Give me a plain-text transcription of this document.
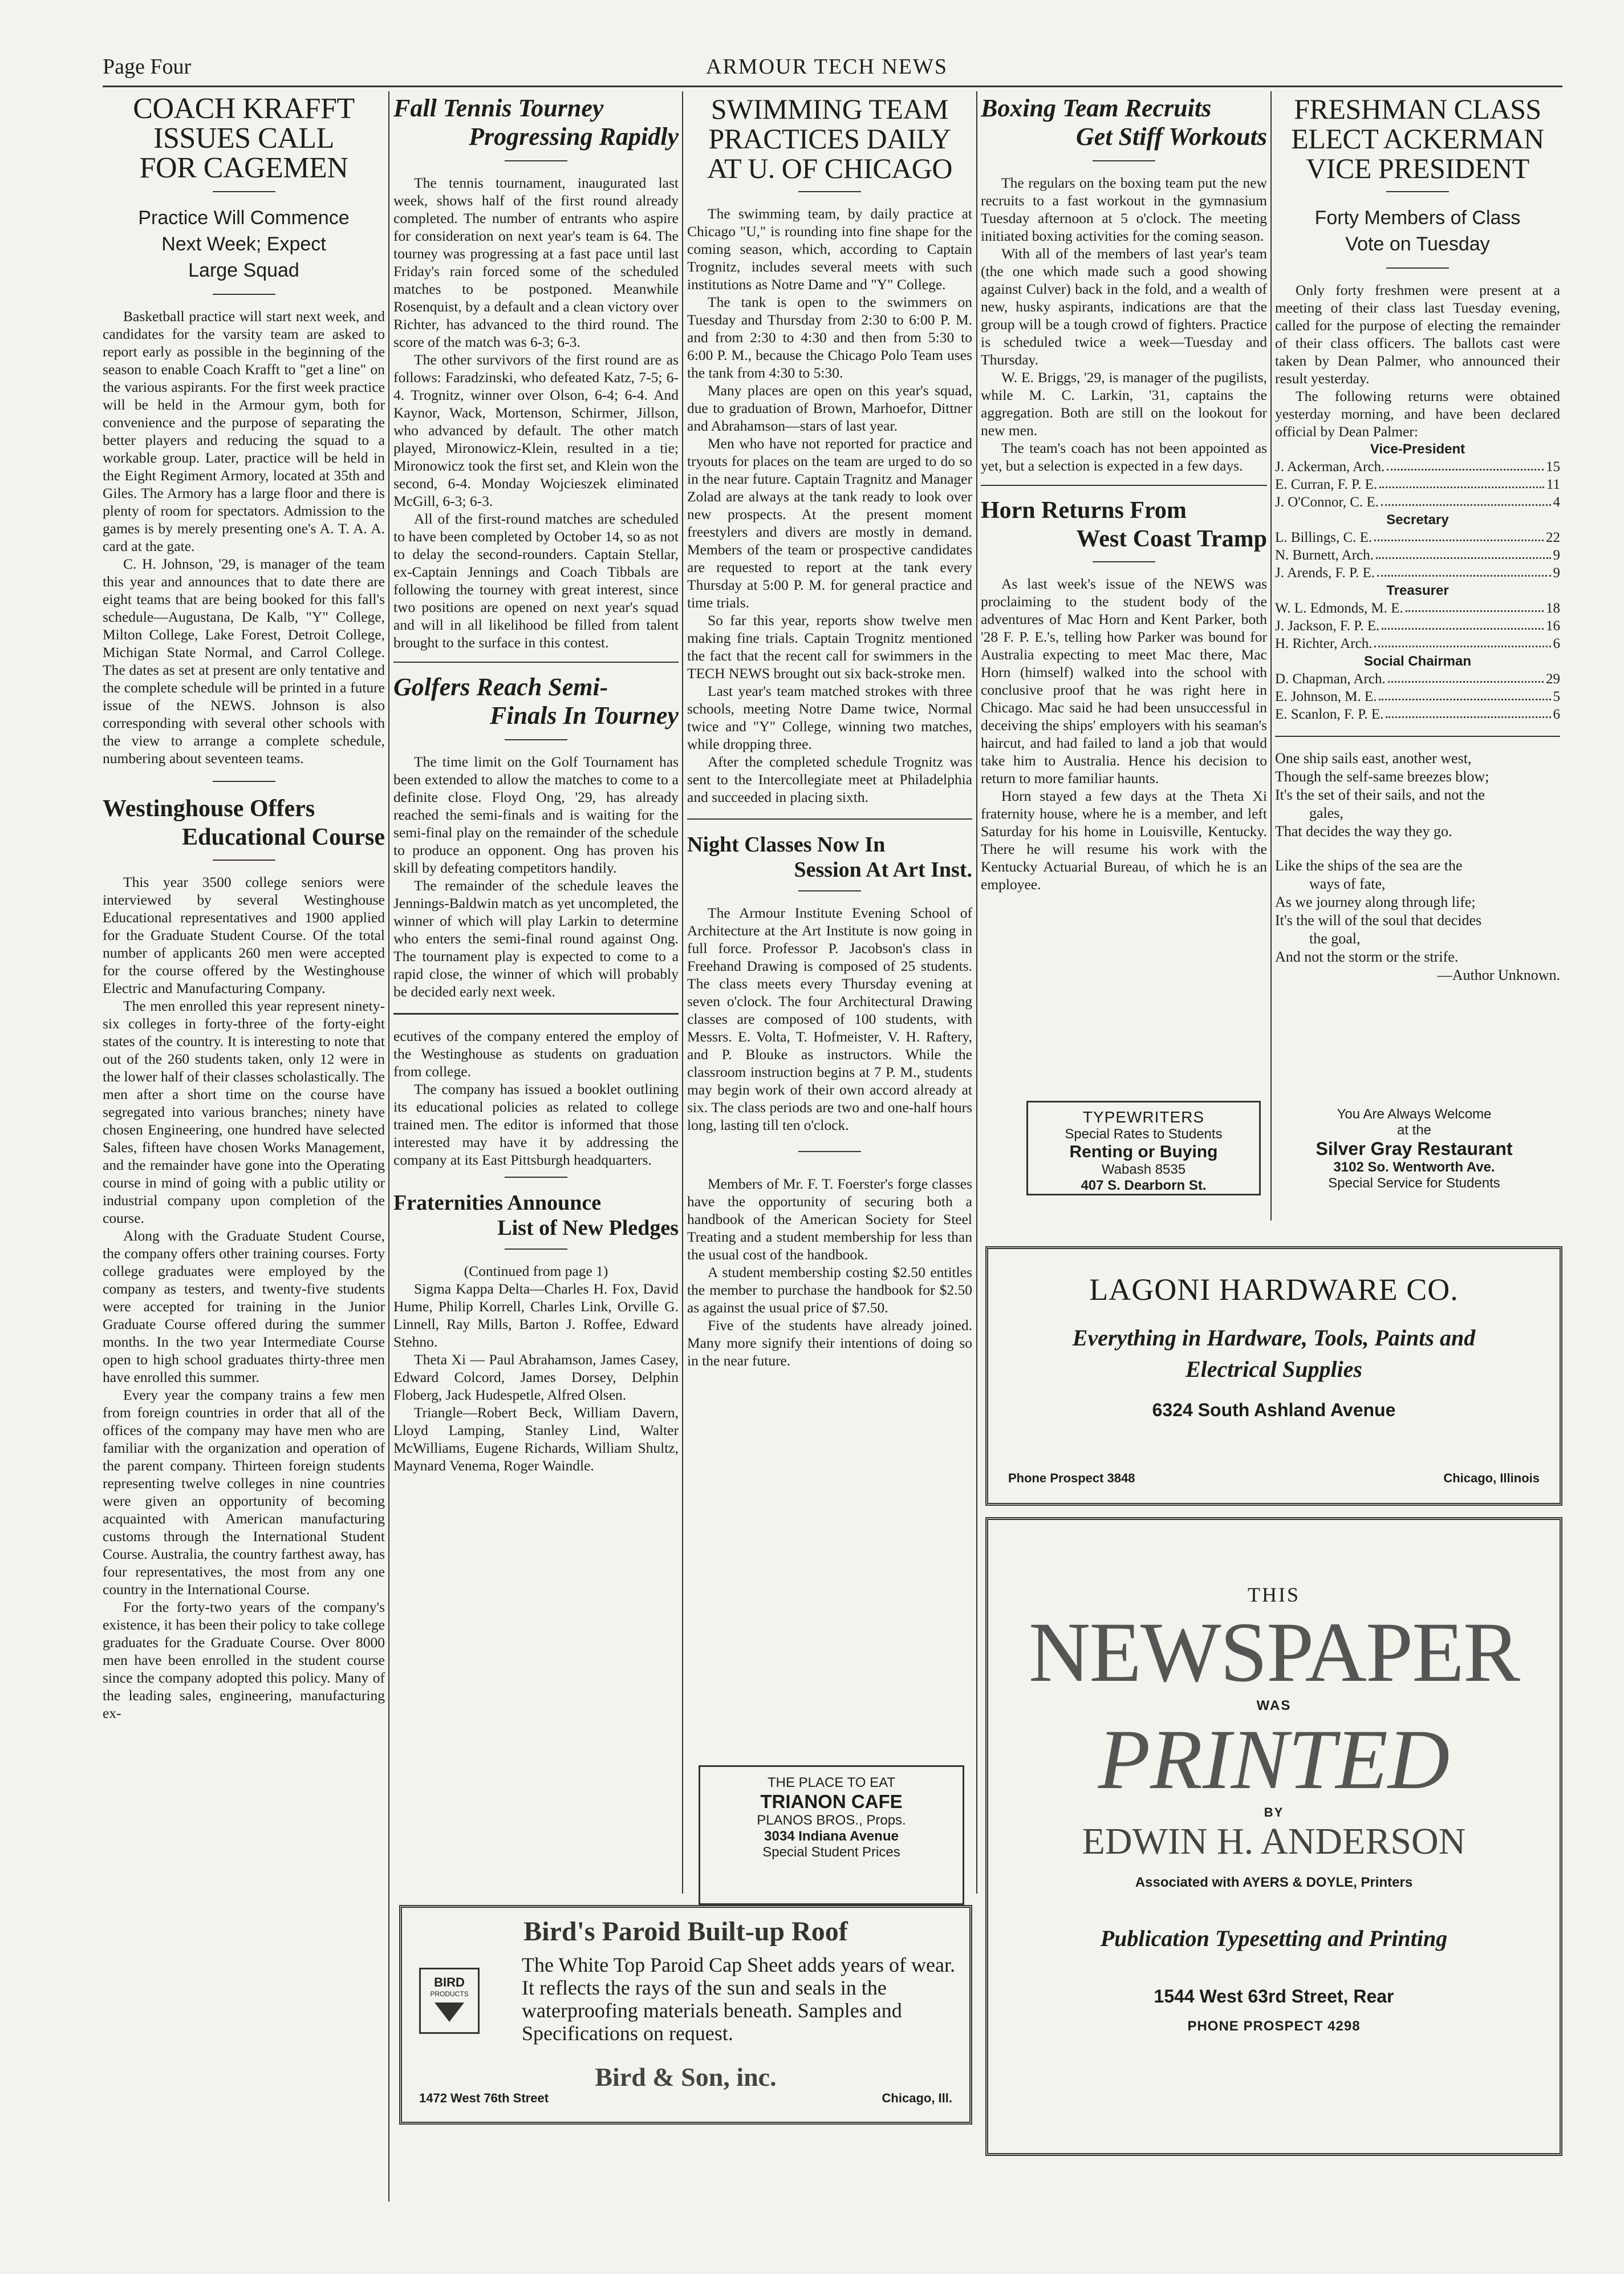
Page Four	ARMOUR TECH NEWS
COACH KRAFFT
ISSUES CALL
FOR CAGEMEN
Practice Will Commence
Next Week; Expect
Large Squad

Basketball practice will start next week, and candidates for the varsity team are asked to report early as possible in the beginning of the season to enable Coach Krafft to "get a line" on the various aspirants. For the first week practice will be held in the Armour gym, both for convenience and the purpose of separating the better players and reducing the squad to a workable group. Later, practice will be held in the Eight Regiment Armory, located at 35th and Giles. The Armory has a large floor and there is plenty of room for spectators. Admission to the games is by merely presenting one's A. T. A. A. card at the gate.

C. H. Johnson, '29, is manager of the team this year and announces that to date there are eight teams that are being booked for this fall's schedule—Augustana, De Kalb, "Y" College, Milton College, Lake Forest, Detroit College, Michigan State Normal, and Carrol College. The dates as set at present are only tentative and the complete schedule will be printed in a future issue of the NEWS. Johnson is also corresponding with several other schools with the view to arrange a complete schedule, numbering about seventeen teams.

Westinghouse Offers
Educational Course

This year 3500 college seniors were interviewed by several Westinghouse Educational representatives and 1900 applied for the Graduate Student Course. Of the total number of applicants 260 men were accepted for the course offered by the Westinghouse Electric and Manufacturing Company.

The men enrolled this year represent ninety-six colleges in forty-three of the forty-eight states of the country. It is interesting to note that out of the 260 students taken, only 12 were in the lower half of their classes scholastically. The men after a short time on the course have segregated into various branches; ninety have chosen Engineering, one hundred have selected Sales, fifteen have chosen Works Management, and the remainder have gone into the Operating course in mind of going with a public utility or industrial company upon completion of the course.

Along with the Graduate Student Course, the company offers other training courses. Forty college graduates were employed by the company as testers, and twenty-five students were accepted for training in the Junior Graduate Course offered during the summer months. In the two year Intermediate Course open to high school graduates thirty-three men have enrolled this summer.

Every year the company trains a few men from foreign countries in order that all of the offices of the company may have men who are familiar with the organization and operation of the parent company. Thirteen foreign students representing twelve colleges in nine countries were given an opportunity of becoming acquainted with American manufacturing customs through the International Student Course. Australia, the country farthest away, has four representatives, the most from any one country in the International Course.

For the forty-two years of the company's existence, it has been their policy to take college graduates for the Graduate Course. Over 8000 men have been enrolled in the student course since the company adopted this policy. Many of the leading sales, engineering, manufacturing ex-

Fall Tennis Tourney
Progressing Rapidly

The tennis tournament, inaugurated last week, shows half of the first round already completed. The number of entrants who aspire for consideration on next year's team is 64. The tourney was progressing at a fast pace until last Friday's rain forced some of the scheduled matches to be postponed. Meanwhile Rosenquist, by a default and a clean victory over Richter, has advanced to the third round. The score of the match was 6-3; 6-3.

The other survivors of the first round are as follows: Faradzinski, who defeated Katz, 7-5; 6-4. Trognitz, winner over Olson, 6-4; 6-4. And Kaynor, Wack, Mortenson, Schirmer, Jillson, who advanced by default. The other match played, Mironowicz-Klein, resulted in a tie; Mironowicz took the first set, and Klein won the second, 6-4. Monday Wojcieszek eliminated McGill, 6-3; 6-3.

All of the first-round matches are scheduled to have been completed by October 14, so as not to delay the second-rounders. Captain Stellar, ex-Captain Jennings and Coach Tibbals are following the tourney with great interest, since two positions are opened on next year's squad and will in all likelihood be filled from talent brought to the surface in this contest.

Golfers Reach Semi-
Finals In Tourney

The time limit on the Golf Tournament has been extended to allow the matches to come to a definite close. Floyd Ong, '29, has already reached the semi-finals and is waiting for the semi-final play on the remainder of the schedule to produce an opponent. Ong has proven his skill by defeating competitors handily.

The remainder of the schedule leaves the Jennings-Baldwin match as yet uncompleted, the winner of which will play Larkin to determine who enters the semi-final round against Ong. The tournament play is expected to come to a rapid close, the winner of which will probably be decided early next week.

ecutives of the company entered the employ of the Westinghouse as students on graduation from college.

The company has issued a booklet outlining its educational policies as related to college trained men. The editor is informed that those interested may have it by addressing the company at its East Pittsburgh headquarters.

Fraternities Announce
List of New Pledges
(Continued from page 1)

Sigma Kappa Delta—Charles H. Fox, David Hume, Philip Korrell, Charles Link, Orville G. Linnell, Ray Mills, Barton J. Roffee, Edward Stehno.

Theta Xi — Paul Abrahamson, James Casey, Edward Colcord, James Dorsey, Delphin Floberg, Jack Hudespetle, Alfred Olsen.

Triangle—Robert Beck, William Davern, Lloyd Lamping, Stanley Lind, Walter McWilliams, Eugene Richards, William Shultz, Maynard Venema, Roger Waindle.

SWIMMING TEAM
PRACTICES DAILY
AT U. OF CHICAGO

The swimming team, by daily practice at Chicago "U," is rounding into fine shape for the coming season, which, according to Captain Trognitz, includes several meets with such institutions as Notre Dame and "Y" College.

The tank is open to the swimmers on Tuesday and Thursday from 2:30 to 6:00 P. M. and from 2:30 to 4:30 and then from 5:30 to 6:00 P. M., because the Chicago Polo Team uses the tank from 4:30 to 5:30.

Many places are open on this year's squad, due to graduation of Brown, Marhoefor, Dittner and Abrahamson—stars of last year.

Men who have not reported for practice and tryouts for places on the team are urged to do so in the near future. Captain Tragnitz and Manager Zolad are always at the tank ready to look over new prospects. At the present moment freestylers and divers are mostly in demand. Members of the team or prospective candidates are requested to report at the tank every Thursday at 5:00 P. M. for general practice and time trials.

So far this year, reports show twelve men making fine trials. Captain Trognitz mentioned the fact that the recent call for swimmers in the TECH NEWS brought out six back-stroke men.

Last year's team matched strokes with three schools, meeting Notre Dame twice, Normal twice and "Y" College, winning two matches, while dropping three.

After the completed schedule Trognitz was sent to the Intercollegiate meet at Philadelphia and succeeded in placing sixth.

Night Classes Now In
Session At Art Inst.

The Armour Institute Evening School of Architecture at the Art Institute is now going in full force. Professor P. Jacobson's class in Freehand Drawing is composed of 25 students. The class meets every Thursday evening at seven o'clock. The four Architectural Drawing classes are composed of 100 students, with Messrs. E. Volta, T. Hofmeister, V. H. Raftery, and P. Blouke as instructors. While the classroom instruction begins at 7 P. M., students may begin work of their own accord already at six. The class periods are two and one-half hours long, lasting till ten o'clock.

Members of Mr. F. T. Foerster's forge classes have the opportunity of securing both a handbook of the American Society for Steel Treating and a student membership for less than the usual cost of the handbook.

A student membership costing $2.50 entitles the member to purchase the handbook for $2.50 as against the usual price of $7.50.

Five of the students have already joined. Many more signify their intentions of doing so in the near future.

Boxing Team Recruits
Get Stiff Workouts

The regulars on the boxing team put the new recruits to a fast workout in the gymnasium Tuesday afternoon at 5 o'clock. The meeting initiated boxing activities for the coming season.

With all of the members of last year's team (the one which made such a good showing against Culver) back in the fold, and a wealth of new, husky aspirants, indications are that the group will be a tough crowd of fighters. Practice is scheduled twice a week—Tuesday and Thursday.

W. E. Briggs, '29, is manager of the pugilists, while M. C. Larkin, '31, captains the aggregation. Both are still on the lookout for new men.

The team's coach has not been appointed as yet, but a selection is expected in a few days.

Horn Returns From
West Coast Tramp

As last week's issue of the NEWS was proclaiming to the student body of the adventures of Mac Horn and Kent Parker, both '28 F. P. E.'s, telling how Parker was bound for Australia expecting to meet Mac there, Mac Horn (himself) walked into the school with conclusive proof that he was right here in Chicago. Mac said he had been unsuccessful in deceiving the ships' employers with his seaman's haircut, and had failed to land a job that would take him to Australia. Hence his decision to return to more familiar haunts.

Horn stayed a few days at the Theta Xi fraternity house, where he is a member, and left Saturday for his home in Louisville, Kentucky. There he will resume his work with the Kentucky Actuarial Bureau, of which he is an employee.

FRESHMAN CLASS
ELECT ACKERMAN
VICE PRESIDENT
Forty Members of Class
Vote on Tuesday

Only forty freshmen were present at a meeting of their class last Tuesday evening, called for the purpose of electing the remainder of their class officers. The ballots cast were taken by Dean Palmer, who announced their result yesterday.

The following returns were obtained yesterday morning, and have been declared official by Dean Palmer:

Vice-President
J. Ackerman, Arch.	15
E. Curran, F. P. E.	11
J. O'Connor, C. E.	4
Secretary
L. Billings, C. E.	22
N. Burnett, Arch.	9
J. Arends, F. P. E.	9
Treasurer
W. L. Edmonds, M. E.	18
J. Jackson, F. P. E.	16
H. Richter, Arch.	6
Social Chairman
D. Chapman, Arch.	29
E. Johnson, M. E.	5
E. Scanlon, F. P. E.	6
One ship sails east, another west,
Though the self-same breezes blow;
It's the set of their sails, and not the
gales,
That decides the way they go.
Like the ships of the sea are the
ways of fate,
As we journey along through life;
It's the will of the soul that decides
the goal,
And not the storm or the strife.
—Author Unknown.
TYPEWRITERS
Special Rates to Students
Renting or Buying
Wabash 8535
407 S. Dearborn St.
You Are Always Welcome
at the
Silver Gray Restaurant
3102 So. Wentworth Ave.
Special Service for Students
LAGONI HARDWARE CO.
Everything in Hardware, Tools, Paints and
Electrical Supplies
6324 South Ashland Avenue
Phone Prospect 3848	Chicago, Illinois
THIS
NEWSPAPER
WAS
PRINTED
BY
EDWIN H. ANDERSON
Associated with AYERS & DOYLE, Printers
Publication Typesetting and Printing
1544 West 63rd Street, Rear
PHONE PROSPECT 4298
THE PLACE TO EAT
TRIANON CAFE
PLANOS BROS., Props.
3034 Indiana Avenue
Special Student Prices
Bird's Paroid Built-up Roof
BIRD
PRODUCTS
The White Top Paroid Cap Sheet adds years of wear. It reflects the rays of the sun and seals in the waterproofing materials beneath. Samples and Specifications on request.
Bird & Son, inc.
1472 West 76th Street	Chicago, Ill.
